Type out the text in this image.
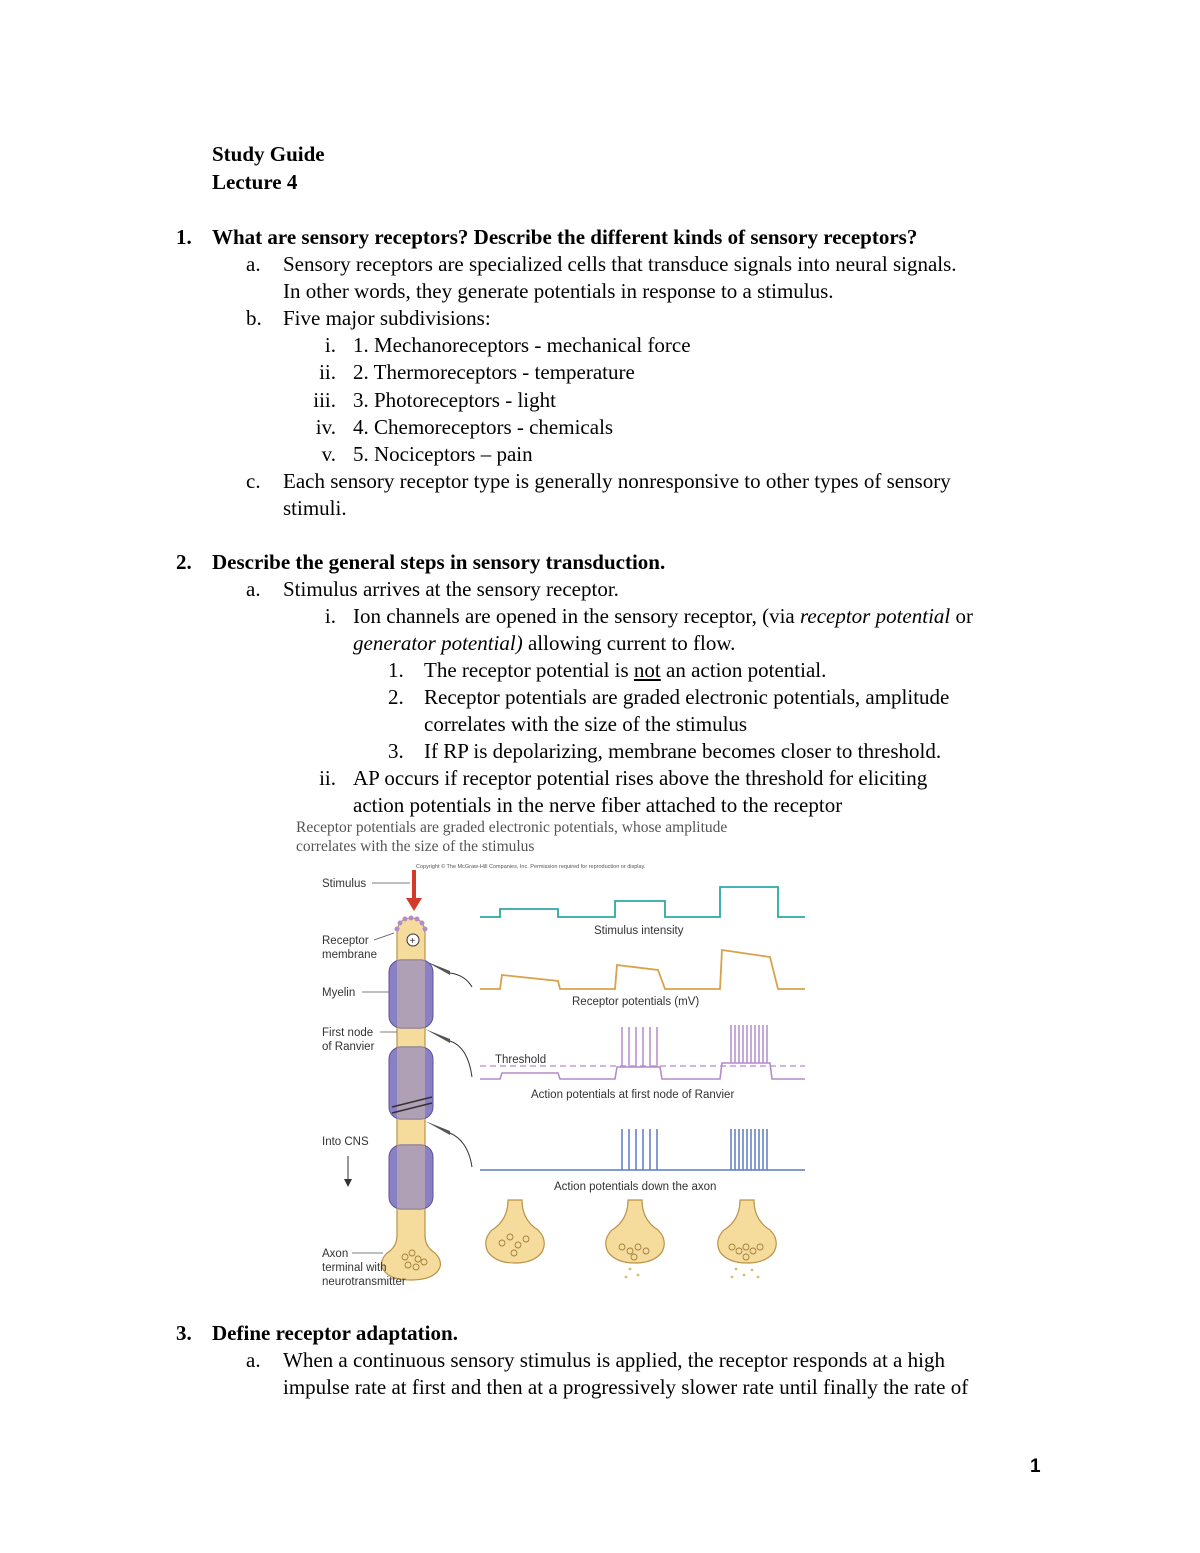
Study Guide
Lecture 4
1. What are sensory receptors? Describe the different kinds of sensory receptors?
a. Sensory receptors are specialized cells that transduce signals into neural signals.
In other words, they generate potentials in response to a stimulus.
b. Five major subdivisions:
i. 1. Mechanoreceptors - mechanical force
ii. 2. Thermoreceptors - temperature
iii. 3. Photoreceptors - light
iv. 4. Chemoreceptors - chemicals
v. 5. Nociceptors – pain
c. Each sensory receptor type is generally nonresponsive to other types of sensory
stimuli.
2. Describe the general steps in sensory transduction.
a. Stimulus arrives at the sensory receptor.
i. Ion channels are opened in the sensory receptor, (via receptor potential or
generator potential) allowing current to flow.
1. The receptor potential is not an action potential.
2. Receptor potentials are graded electronic potentials, amplitude
correlates with the size of the stimulus
3. If RP is depolarizing, membrane becomes closer to threshold.
ii. AP occurs if receptor potential rises above the threshold for eliciting
action potentials in the nerve fiber attached to the receptor
Receptor potentials are graded electronic potentials, whose amplitude
correlates with the size of the stimulus
Copyright © The McGraw-Hill Companies, Inc. Permission required for reproduction or display.
+
Stimulus
Receptor
membrane
Myelin
First node
of Ranvier
Into CNS
Axon
terminal with
neurotransmitter
Stimulus intensity
Receptor potentials (mV)
Threshold
Action potentials at first node of Ranvier
Action potentials down the axon
3. Define receptor adaptation.
a. When a continuous sensory stimulus is applied, the receptor responds at a high
impulse rate at first and then at a progressively slower rate until finally the rate of
1
